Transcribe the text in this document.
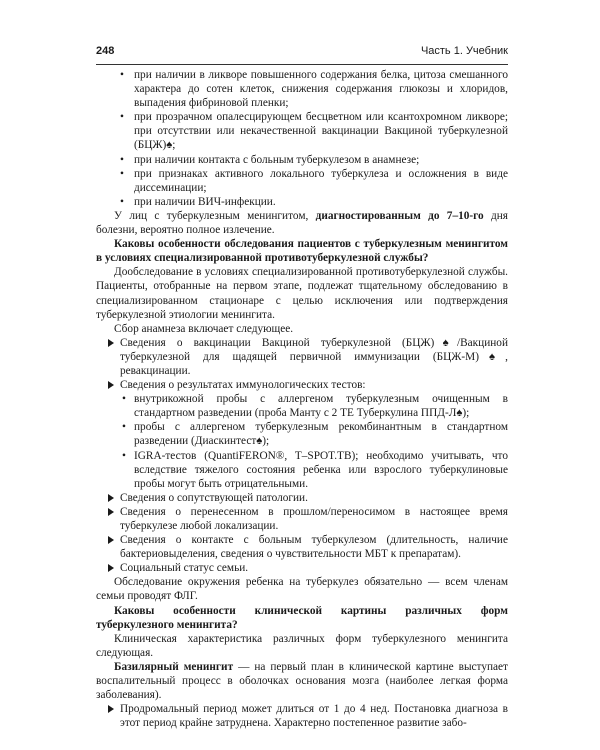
248	Часть 1. Учебник
• при наличии в ликворе повышенного содержания белка, цитоза смешанного характера до сотен клеток, снижения содержания глюкозы и хлоридов, выпадения фибриновой пленки;
• при прозрачном опалесцирующем бесцветном или ксантохромном ликворе; при отсутствии или некачественной вакцинации Вакциной туберкулезной (БЦЖ)♠;
• при наличии контакта с больным туберкулезом в анамнезе;
• при признаках активного локального туберкулеза и осложнения в виде диссеминации;
• при наличии ВИЧ-инфекции.

У лиц с туберкулезным менингитом, диагностированным до 7–10-го дня болезни, вероятно полное излечение.

Каковы особенности обследования пациентов с туберкулезным менингитом в условиях специализированной противотуберкулезной службы?

Дообследование в условиях специализированной противотуберкулезной службы. Пациенты, отобранные на первом этапе, подлежат тщательному обследованию в специализированном стационаре с целью исключения или подтверждения туберкулезной этиологии менингита.

Сбор анамнеза включает следующее.

Сведения о вакцинации Вакциной туберкулезной (БЦЖ)♠/Вакциной туберкулезной для щадящей первичной иммунизации (БЦЖ-М)♠, ревакцинации.
Сведения о результатах иммунологических тестов:
• внутрикожной пробы с аллергеном туберкулезным очищенным в стандартном разведении (проба Манту с 2 ТЕ Туберкулина ППД-Л♠);
• пробы с аллергеном туберкулезным рекомбинантным в стандартном разведении (Диаскинтест♠);
• IGRA-тестов (QuantiFERON®, T–SPOT.TB); необходимо учитывать, что вследствие тяжелого состояния ребенка или взрослого туберкулиновые пробы могут быть отрицательными.
Сведения о сопутствующей патологии.
Сведения о перенесенном в прошлом/переносимом в настоящее время туберкулезе любой локализации.
Сведения о контакте с больным туберкулезом (длительность, наличие бактериовыделения, сведения о чувствительности МБТ к препаратам).
Социальный статус семьи.

Обследование окружения ребенка на туберкулез обязательно — всем членам семьи проводят ФЛГ.

Каковы особенности клинической картины различных форм туберкулезного менингита?

Клиническая характеристика различных форм туберкулезного менингита следующая.

Базилярный менингит — на первый план в клинической картине выступает воспалительный процесс в оболочках основания мозга (наиболее легкая форма заболевания).

Продромальный период может длиться от 1 до 4 нед. Постановка диагноза в этот период крайне затруднена. Характерно постепенное развитие забо-
